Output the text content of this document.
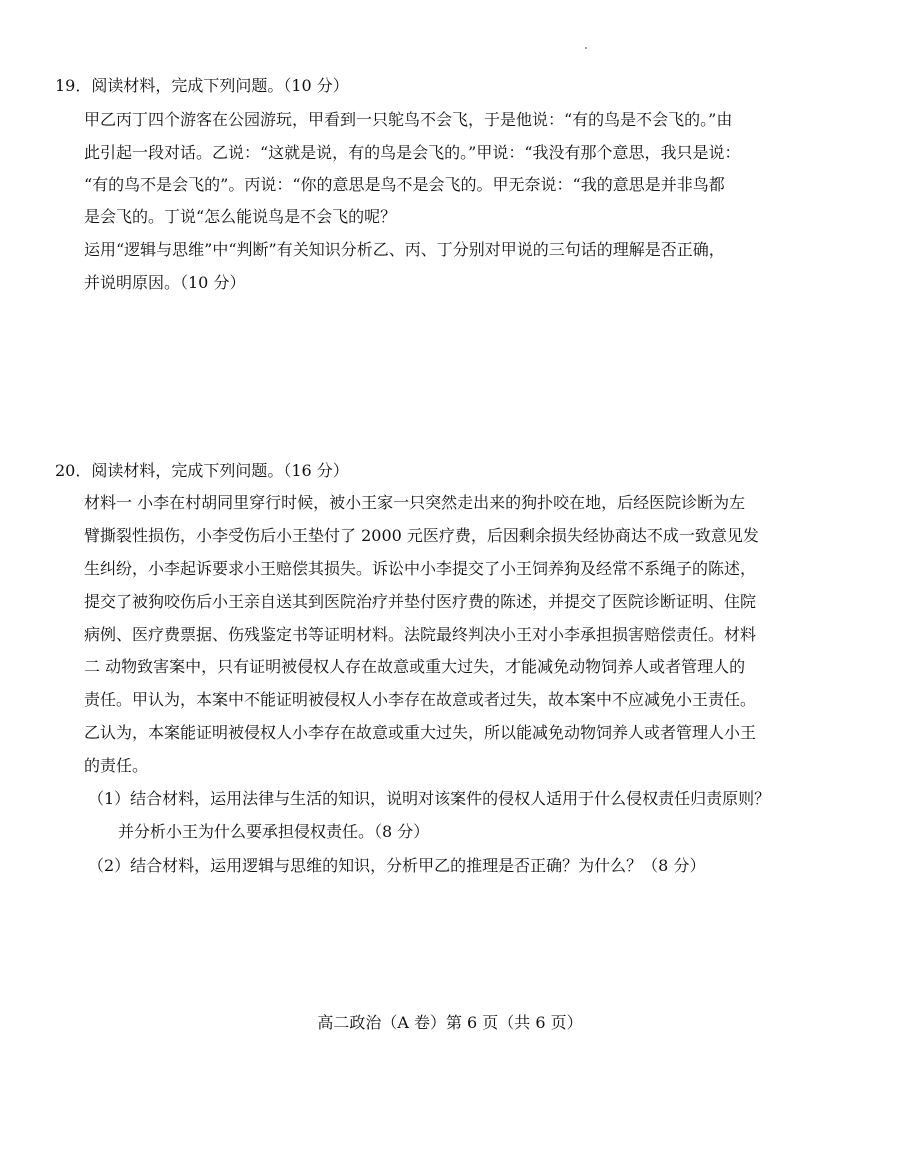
19．阅读材料，完成下列问题。（10 分）
甲乙丙丁四个游客在公园游玩，甲看到一只鸵鸟不会飞，于是他说：“有的鸟是不会飞的。”由
此引起一段对话。乙说：“这就是说，有的鸟是会飞的。”甲说：“我没有那个意思，我只是说：
“有的鸟不是会飞的”。丙说：“你的意思是鸟不是会飞的。甲无奈说：“我的意思是并非鸟都
是会飞的。丁说“怎么能说鸟是不会飞的呢？
运用“逻辑与思维”中“判断”有关知识分析乙、丙、丁分别对甲说的三句话的理解是否正确，
并说明原因。（10 分）
20．阅读材料，完成下列问题。（16 分）
材料一 小李在村胡同里穿行时候，被小王家一只突然走出来的狗扑咬在地，后经医院诊断为左
臂撕裂性损伤，小李受伤后小王垫付了 2000 元医疗费，后因剩余损失经协商达不成一致意见发
生纠纷，小李起诉要求小王赔偿其损失。诉讼中小李提交了小王饲养狗及经常不系绳子的陈述，
提交了被狗咬伤后小王亲自送其到医院治疗并垫付医疗费的陈述，并提交了医院诊断证明、住院
病例、医疗费票据、伤残鉴定书等证明材料。法院最终判决小王对小李承担损害赔偿责任。材料
二 动物致害案中，只有证明被侵权人存在故意或重大过失，才能减免动物饲养人或者管理人的
责任。甲认为，本案中不能证明被侵权人小李存在故意或者过失，故本案中不应减免小王责任。
乙认为，本案能证明被侵权人小李存在故意或重大过失，所以能减免动物饲养人或者管理人小王
的责任。
（1）结合材料，运用法律与生活的知识，说明对该案件的侵权人适用于什么侵权责任归责原则？
并分析小王为什么要承担侵权责任。（8 分）
（2）结合材料，运用逻辑与思维的知识，分析甲乙的推理是否正确？为什么？（8 分）
高二政治（A 卷）第 6 页（共 6 页）
